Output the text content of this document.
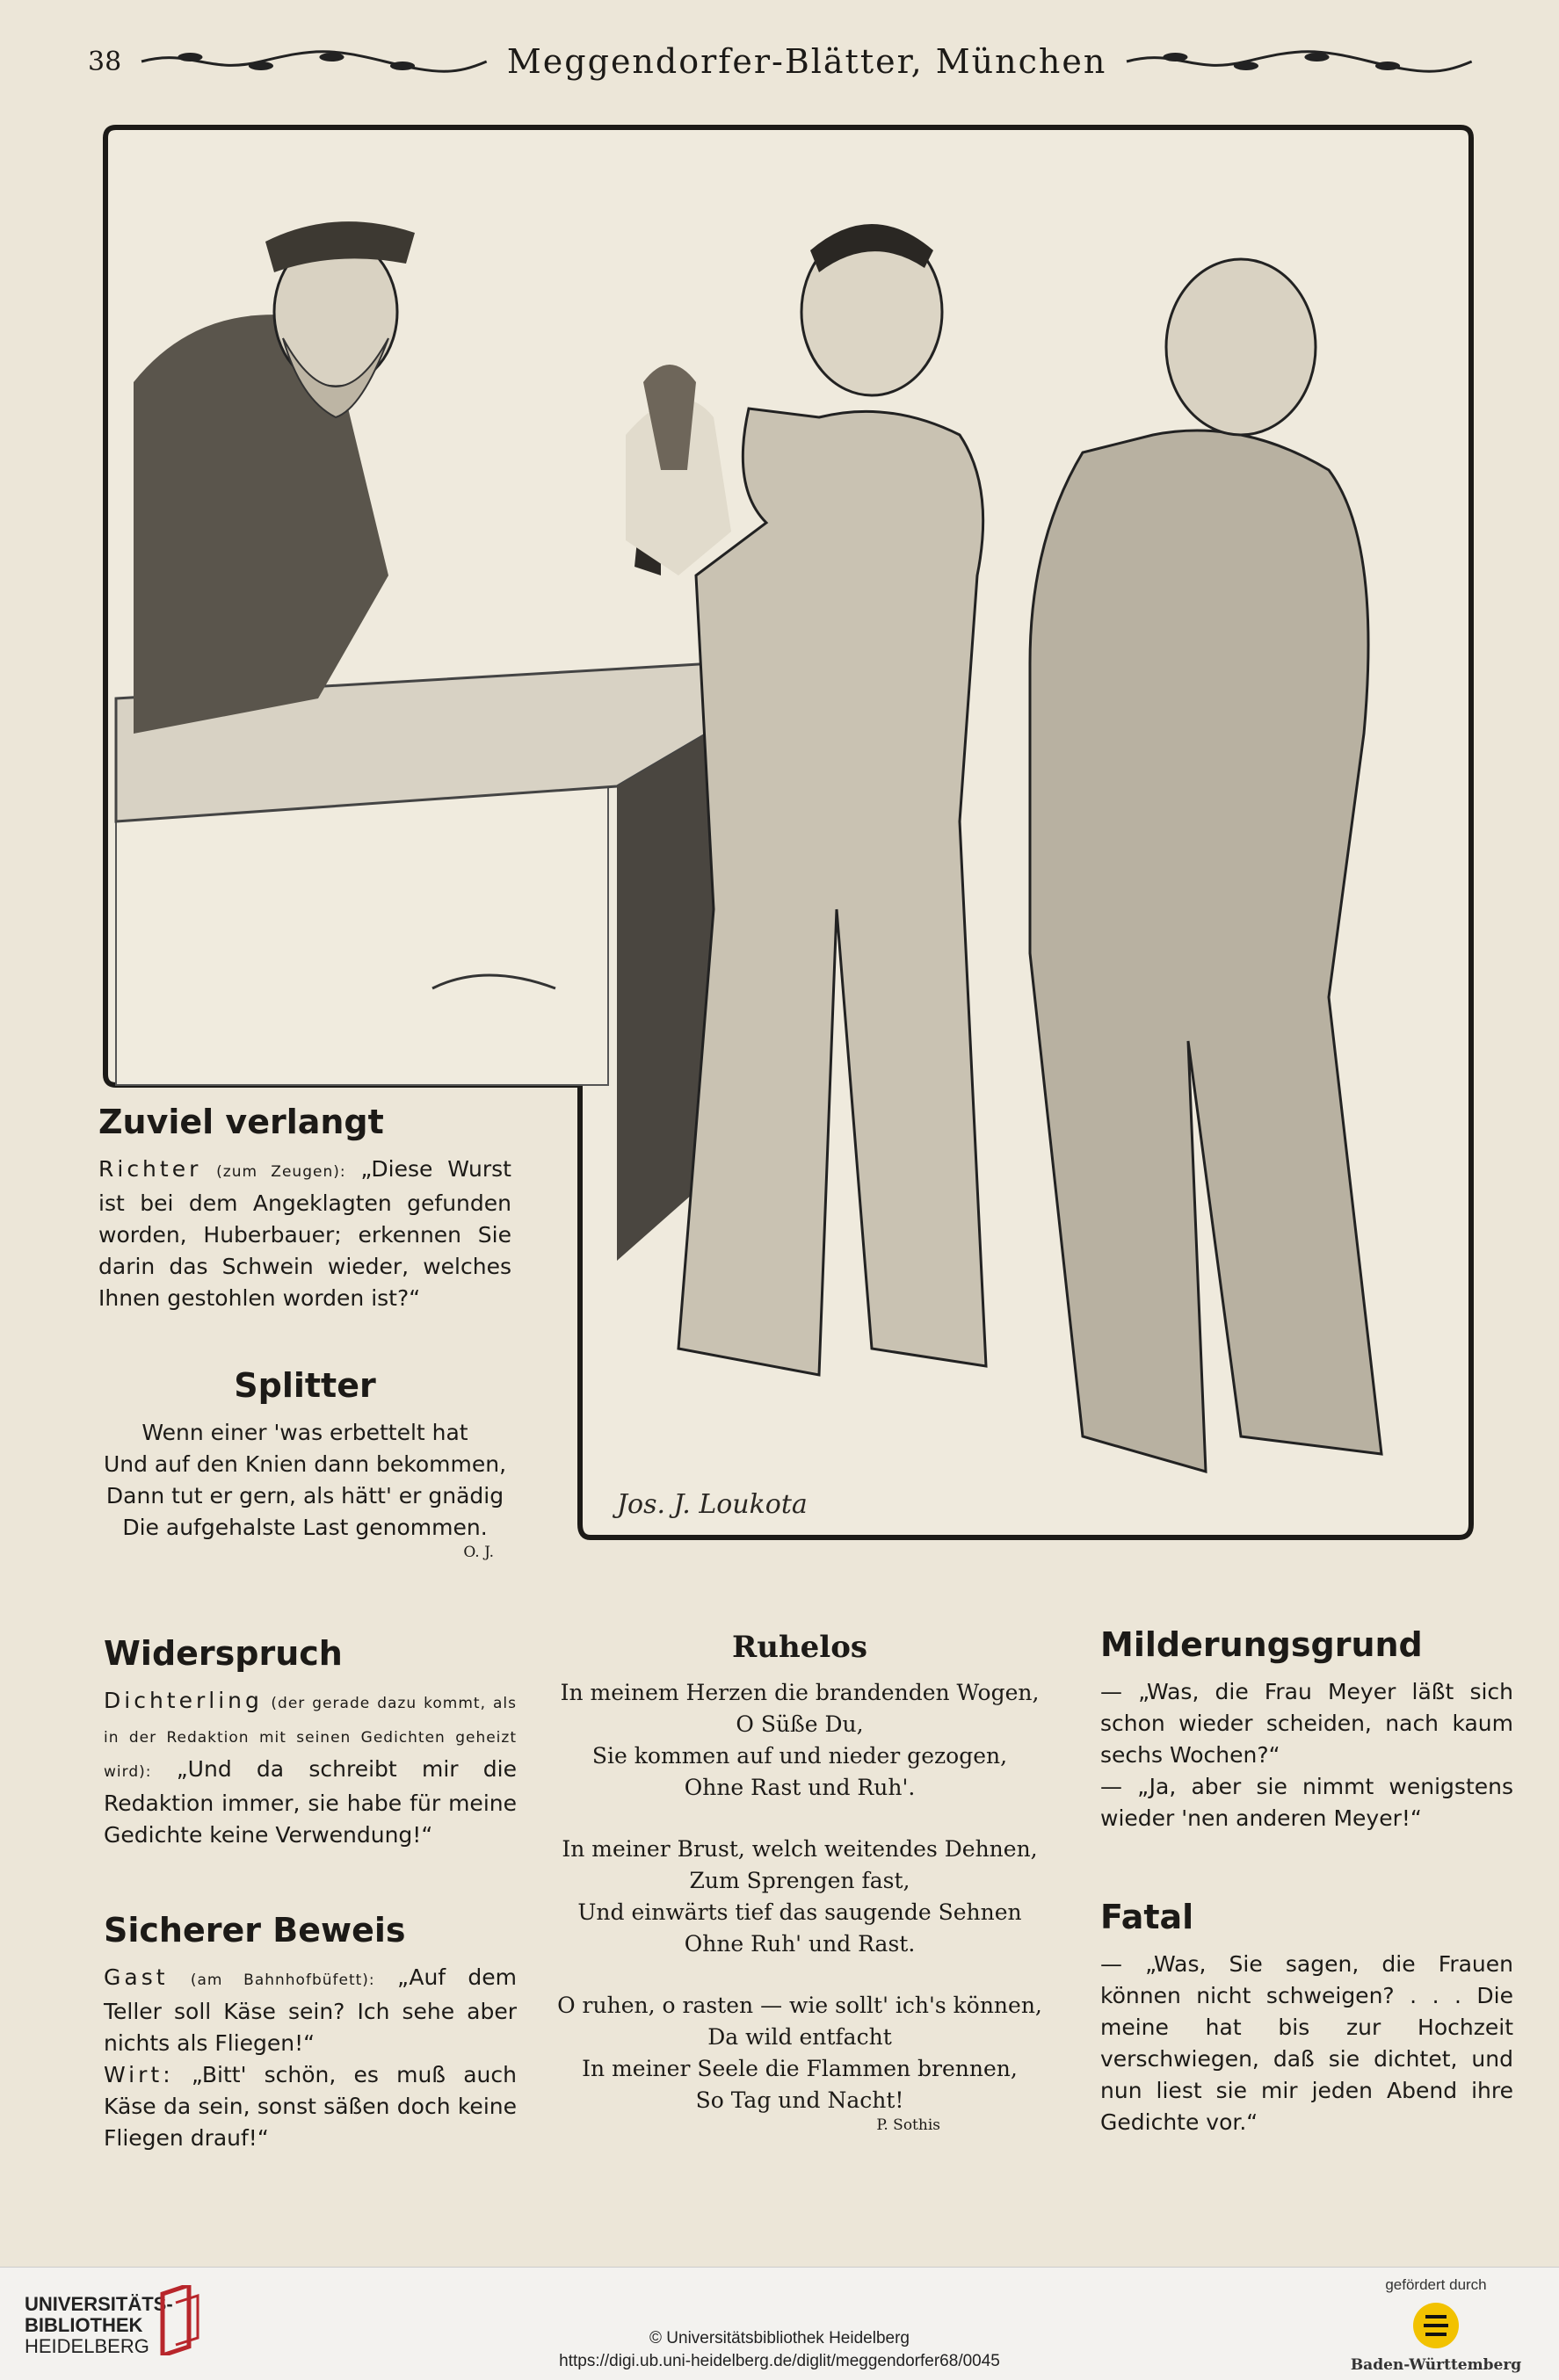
38	Meggendorfer-Blätter, München
Jos. J. Loukota
Zuviel verlangt

Richter (zum Zeugen): „Diese Wurst ist bei dem Angeklagten gefunden worden, Huberbauer; erkennen Sie darin das Schwein wieder, welches Ihnen gestohlen worden ist?“

Splitter

Wenn einer 'was erbettelt hat

Und auf den Knien dann bekommen,

Dann tut er gern, als hätt' er gnädig

Die aufgehalste Last genommen.

O. J.

Widerspruch

Dichterling (der gerade dazu kommt, als in der Redaktion mit seinen Gedichten geheizt wird): „Und da schreibt mir die Redaktion immer, sie habe für meine Gedichte keine Verwendung!“

Sicherer Beweis

Gast (am Bahnhofbüfett): „Auf dem Teller soll Käse sein? Ich sehe aber nichts als Fliegen!“

Wirt: „Bitt' schön, es muß auch Käse da sein, sonst säßen doch keine Fliegen drauf!“

Ruhelos

In meinem Herzen die brandenden Wogen,

O Süße Du,

Sie kommen auf und nieder gezogen,

Ohne Rast und Ruh'.

In meiner Brust, welch weitendes Dehnen,

Zum Sprengen fast,

Und einwärts tief das saugende Sehnen

Ohne Ruh' und Rast.

O ruhen, o rasten — wie sollt' ich's können,

Da wild entfacht

In meiner Seele die Flammen brennen,

So Tag und Nacht!

P. Sothis

Milderungsgrund

— „Was, die Frau Meyer läßt sich schon wieder scheiden, nach kaum sechs Wochen?“

— „Ja, aber sie nimmt wenigstens wieder 'nen anderen Meyer!“

Fatal

— „Was, Sie sagen, die Frauen können nicht schweigen? . . . Die meine hat bis zur Hochzeit verschwiegen, daß sie dichtet, und nun liest sie mir jeden Abend ihre Gedichte vor.“

UNIVERSITÄTS-
BIBLIOTHEK
HEIDELBERG	© Universitätsbibliothek Heidelberg
https://digi.ub.uni-heidelberg.de/diglit/meggendorfer68/0045
gefördert durch
Baden-Württemberg
